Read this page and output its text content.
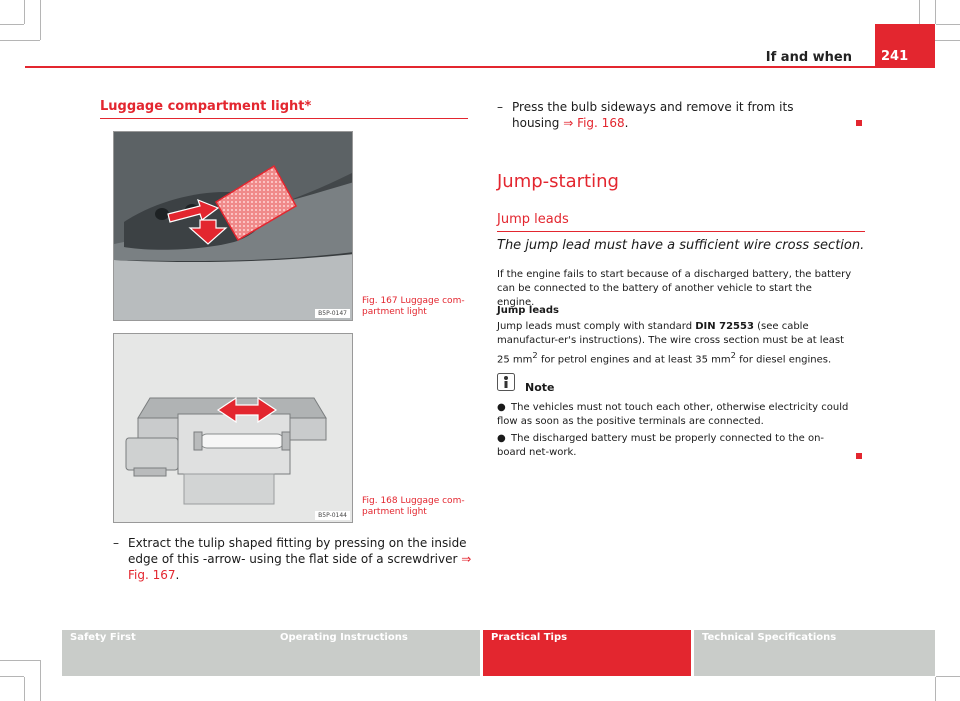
If and when	241
Luggage compartment light*
B5P-0147
Fig. 167 Luggage com-partment light
B5P-0144
Fig. 168 Luggage com-partment light
– Extract the tulip shaped fitting by pressing on the inside edge of this -arrow- using the flat side of a screwdriver ⇒ Fig. 167.
– Press the bulb sideways and remove it from its housing ⇒ Fig. 168.
Jump-starting
Jump leads
The jump lead must have a sufficient wire cross section.
If the engine fails to start because of a discharged battery, the battery can be connected to the battery of another vehicle to start the engine.
Jump leads
Jump leads must comply with standard DIN 72553 (see cable manufactur-er's instructions). The wire cross section must be at least 25 $mm^2$ for petrol engines and at least 35 $mm^2$ for diesel engines.
Note
● The vehicles must not touch each other, otherwise electricity could flow as soon as the positive terminals are connected.
● The discharged battery must be properly connected to the on-board net-work.
Safety First	Operating Instructions	Practical Tips	Technical Specifications
